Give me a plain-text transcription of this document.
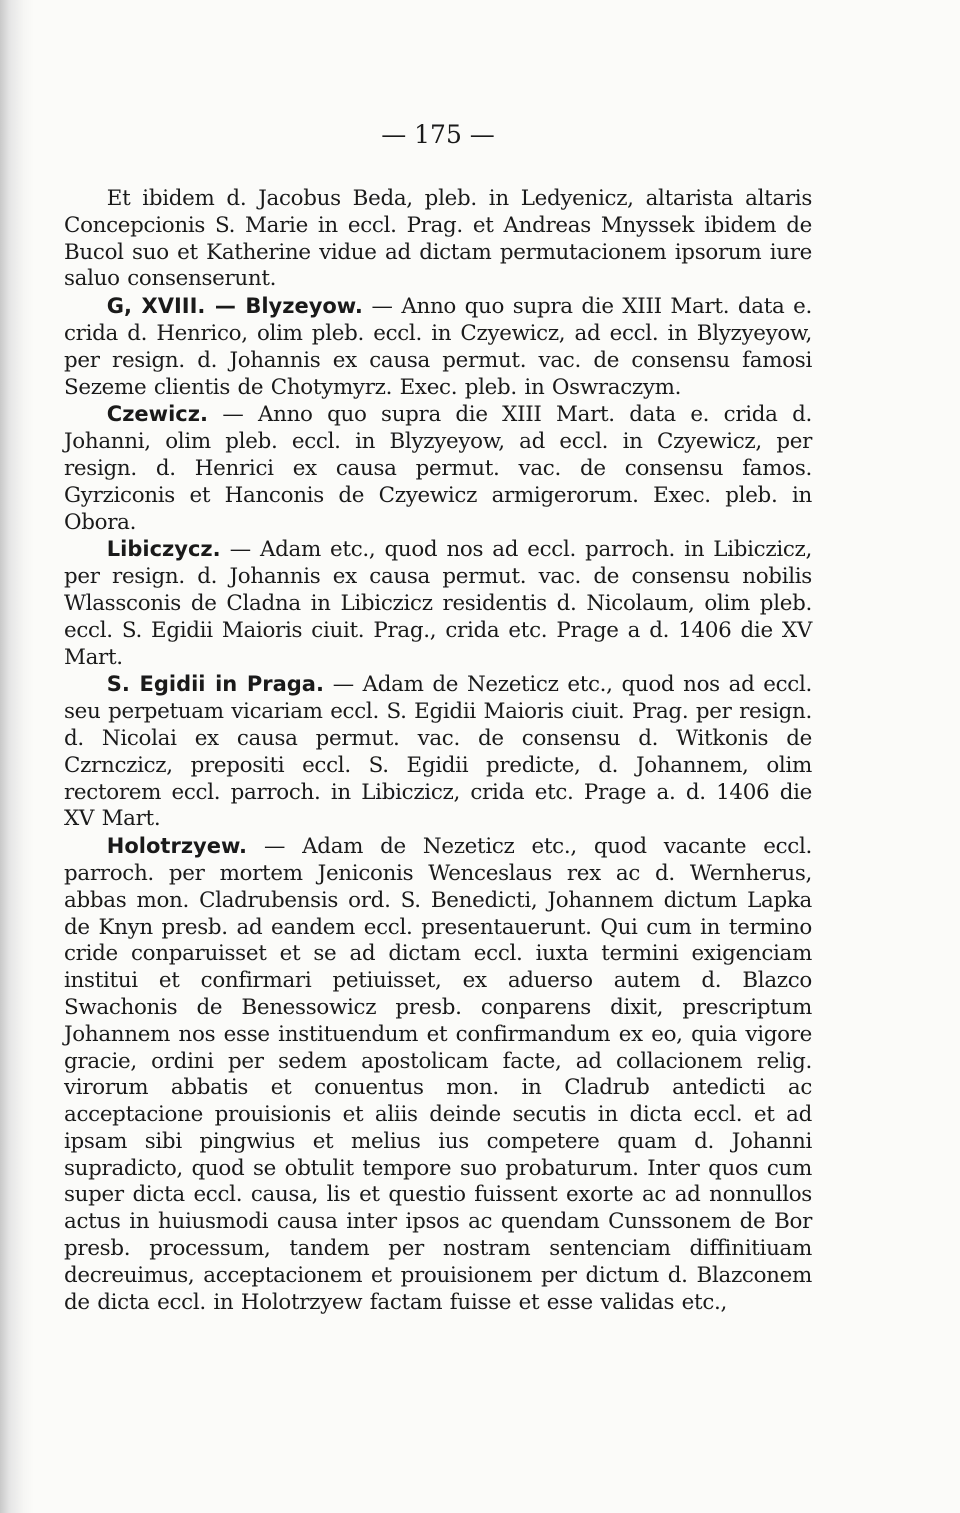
— 175 —

Et ibidem d. Jacobus Beda, pleb. in Ledyenicz, altarista altaris Concepcionis S. Marie in eccl. Prag. et Andreas Mnyssek ibidem de Bucol suo et Katherine vidue ad dictam permutacionem ipsorum iure saluo consenserunt.

G, XVIII. — Blyzeyow. — Anno quo supra die XIII Mart. data e. crida d. Henrico, olim pleb. eccl. in Czyewicz, ad eccl. in Blyzyeyow, per resign. d. Johannis ex causa permut. vac. de consensu famosi Sezeme clientis de Chotymyrz. Exec. pleb. in Oswraczym.

Czewicz. — Anno quo supra die XIII Mart. data e. crida d. Johanni, olim pleb. eccl. in Blyzyeyow, ad eccl. in Czyewicz, per resign. d. Henrici ex causa permut. vac. de consensu famos. Gyrziconis et Hanconis de Czyewicz armigerorum. Exec. pleb. in Obora.

Libiczycz. — Adam etc., quod nos ad eccl. parroch. in Libiczicz, per resign. d. Johannis ex causa permut. vac. de consensu nobilis Wlassconis de Cladna in Libiczicz residentis d. Nicolaum, olim pleb. eccl. S. Egidii Maioris ciuit. Prag., crida etc. Prage a d. 1406 die XV Mart.

S. Egidii in Praga. — Adam de Nezeticz etc., quod nos ad eccl. seu perpetuam vicariam eccl. S. Egidii Maioris ciuit. Prag. per resign. d. Nicolai ex causa permut. vac. de consensu d. Witkonis de Czrnczicz, prepositi eccl. S. Egidii predicte, d. Johannem, olim rectorem eccl. parroch. in Libiczicz, crida etc. Prage a. d. 1406 die XV Mart.

Holotrzyew. — Adam de Nezeticz etc., quod vacante eccl. parroch. per mortem Jeniconis Wenceslaus rex ac d. Wernherus, abbas mon. Cladrubensis ord. S. Benedicti, Johannem dictum Lapka de Knyn presb. ad eandem eccl. presentauerunt. Qui cum in termino cride conparuisset et se ad dictam eccl. iuxta termini exigenciam institui et confirmari petiuisset, ex aduerso autem d. Blazco Swachonis de Benessowicz presb. conparens dixit, prescriptum Johannem nos esse instituendum et confirmandum ex eo, quia vigore gracie, ordini per sedem apostolicam facte, ad collacionem relig. virorum abbatis et conuentus mon. in Cladrub antedicti ac acceptacione prouisionis et aliis deinde secutis in dicta eccl. et ad ipsam sibi pingwius et melius ius competere quam d. Johanni supradicto, quod se obtulit tempore suo probaturum. Inter quos cum super dicta eccl. causa, lis et questio fuissent exorte ac ad nonnullos actus in huiusmodi causa inter ipsos ac quendam Cunssonem de Bor presb. processum, tandem per nostram sentenciam diffinitiuam decreuimus, acceptacionem et prouisionem per dictum d. Blazconem de dicta eccl. in Holotrzyew factam fuisse et esse validas etc.,
